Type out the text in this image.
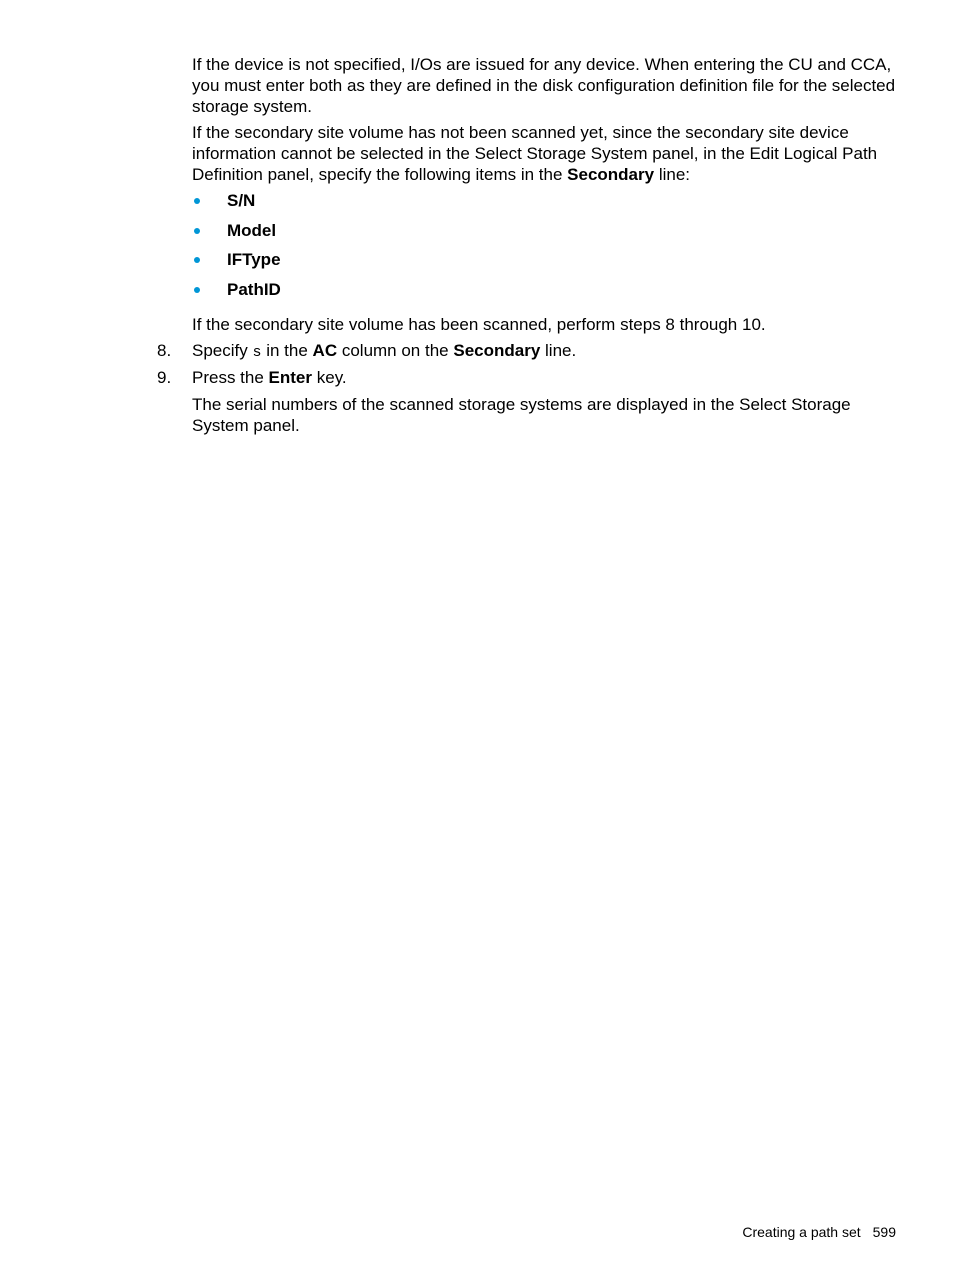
If the device is not specified, I/Os are issued for any device. When entering the CU and CCA, you must enter both as they are defined in the disk configuration definition file for the selected storage system.

If the secondary site volume has not been scanned yet, since the secondary site device information cannot be selected in the Select Storage System panel, in the Edit Logical Path Definition panel, specify the following items in the Secondary line:

S/N
Model
IFType
PathID

If the secondary site volume has been scanned, perform steps 8 through 10.

8. Specify s in the AC column on the Secondary line.
9. Press the Enter key.

The serial numbers of the scanned storage systems are displayed in the Select Storage System panel.

Creating a path set 599
